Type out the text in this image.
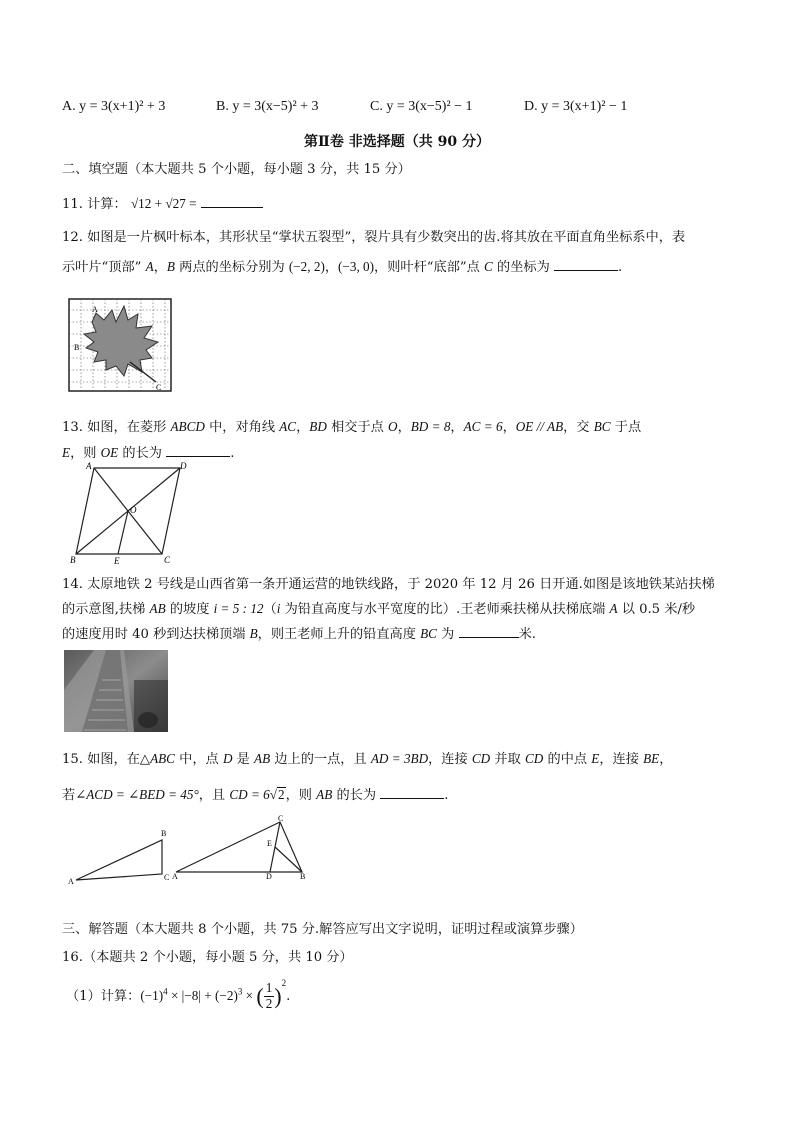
A. y = 3(x+1)² + 3	B. y = 3(x−5)² + 3	C. y = 3(x−5)² − 1	D. y = 3(x+1)² − 1
第Ⅱ卷 非选择题（共 90 分）
二、填空题（本大题共 5 个小题，每小题 3 分，共 15 分）
11. 计算： √12 + √27 =
12. 如图是一片枫叶标本，其形状呈“掌状五裂型”，裂片具有少数突出的齿.将其放在平面直角坐标系中，表
示叶片“顶部” A，B 两点的坐标分别为 (−2, 2)，(−3, 0)，则叶杆“底部”点 C 的坐标为	.
A
B
C
13. 如图，在菱形 ABCD 中，对角线 AC，BD 相交于点 O，BD = 8，AC = 6，OE // AB，交 BC 于点
E，则 OE 的长为	.
A
B	C
D
O
E
14. 太原地铁 2 号线是山西省第一条开通运营的地铁线路，于 2020 年 12 月 26 日开通.如图是该地铁某站扶梯
的示意图,扶梯 AB 的坡度 i = 5 : 12（i 为铅直高度与水平宽度的比）.王老师乘扶梯从扶梯底端 A 以 0.5 米/秒
的速度用时 40 秒到达扶梯顶端 B，则王老师上升的铅直高度 BC 为	米.
15. 如图，在△ABC 中，点 D 是 AB 边上的一点，且 AD = 3BD，连接 CD 并取 CD 的中点 E，连接 BE，
若∠ACD = ∠BED = 45°，且 CD = 6√2，则 AB 的长为	.
A
B
C A	B
C
D
E
三、解答题（本大题共 8 个小题，共 75 分.解答应写出文字说明，证明过程或演算步骤）
16.（本题共 2 个小题，每小题 5 分，共 10 分）
（1）计算：$(-1)^4 \times |-8| + (-2)^3$ × ( $\frac{1}{2} )^2$.
